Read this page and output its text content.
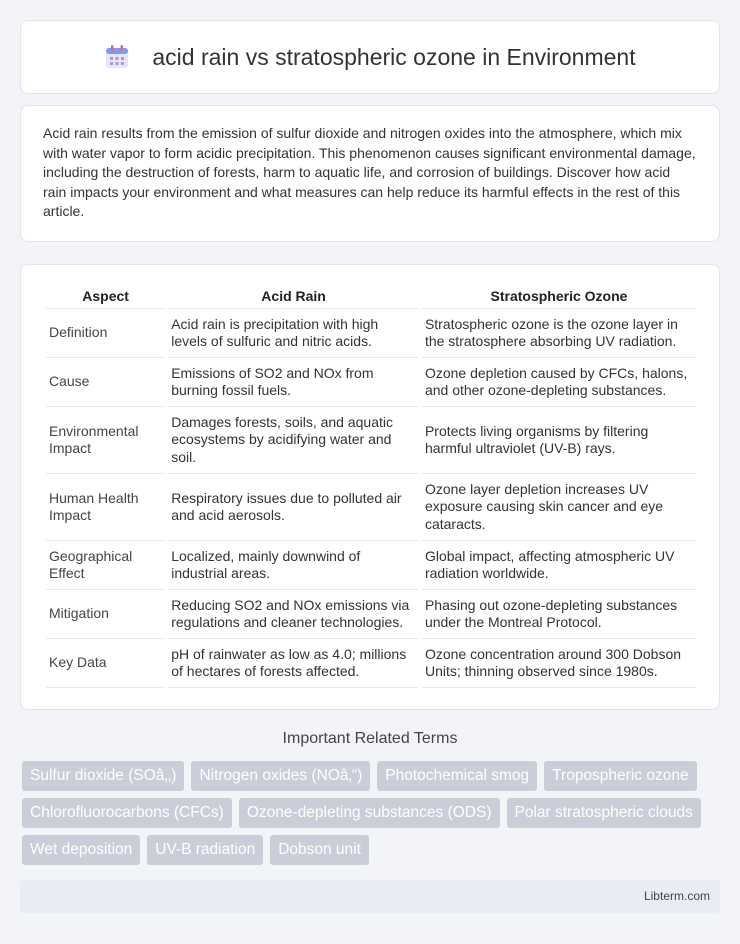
acid rain vs stratospheric ozone in Environment

Acid rain results from the emission of sulfur dioxide and nitrogen oxides into the atmosphere, which mix with water vapor to form acidic precipitation. This phenomenon causes significant environmental damage, including the destruction of forests, harm to aquatic life, and corrosion of buildings. Discover how acid rain impacts your environment and what measures can help reduce its harmful effects in the rest of this article.

Aspect	Acid Rain	Stratospheric Ozone
Definition	Acid rain is precipitation with high levels of sulfuric and nitric acids.	Stratospheric ozone is the ozone layer in the stratosphere absorbing UV radiation.
Cause	Emissions of SO2 and NOx from burning fossil fuels.	Ozone depletion caused by CFCs, halons, and other ozone-depleting substances.
Environmental Impact	Damages forests, soils, and aquatic ecosystems by acidifying water and soil.	Protects living organisms by filtering harmful ultraviolet (UV-B) rays.
Human Health Impact	Respiratory issues due to polluted air and acid aerosols.	Ozone layer depletion increases UV exposure causing skin cancer and eye cataracts.
Geographical Effect	Localized, mainly downwind of industrial areas.	Global impact, affecting atmospheric UV radiation worldwide.
Mitigation	Reducing SO2 and NOx emissions via regulations and cleaner technologies.	Phasing out ozone-depleting substances under the Montreal Protocol.
Key Data	pH of rainwater as low as 4.0; millions of hectares of forests affected.	Ozone concentration around 300 Dobson Units; thinning observed since 1980s.
Important Related Terms
Sulfur dioxide (SOâ‚‚)	Nitrogen oxides (NOâ‚“)	Photochemical smog	Tropospheric ozone
Chlorofluorocarbons (CFCs)	Ozone-depleting substances (ODS)	Polar stratospheric clouds
Wet deposition	UV-B radiation	Dobson unit
Libterm.com
